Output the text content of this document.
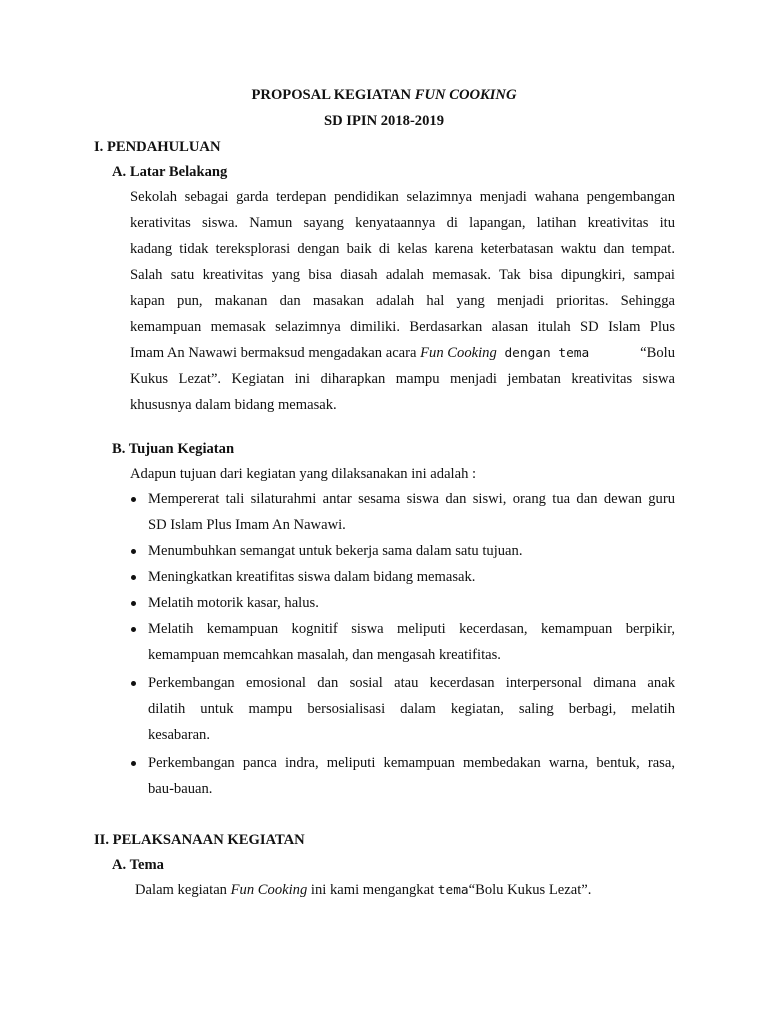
PROPOSAL KEGIATAN FUN COOKING
SD IPIN 2018-2019
I. PENDAHULUAN
A. Latar Belakang
Sekolah sebagai garda terdepan pendidikan selazimnya menjadi wahana pengembangan
kerativitas siswa. Namun sayang kenyataannya di lapangan, latihan kreativitas itu
kadang tidak tereksplorasi dengan baik di kelas karena keterbatasan waktu dan tempat.
Salah satu kreativitas yang bisa diasah adalah memasak. Tak bisa dipungkiri, sampai
kapan pun, makanan dan masakan adalah hal yang menjadi prioritas. Sehingga
kemampuan memasak selazimnya dimiliki. Berdasarkan alasan itulah SD Islam Plus
Imam An Nawawi bermaksud mengadakan acara Fun Cooking dengan tema	“Bolu
Kukus Lezat”. Kegiatan ini diharapkan mampu menjadi jembatan kreativitas siswa
khususnya dalam bidang memasak.
B. Tujuan Kegiatan
Adapun tujuan dari kegiatan yang dilaksanakan ini adalah :
Mempererat tali silaturahmi antar sesama siswa dan siswi, orang tua dan dewan guru
SD Islam Plus Imam An Nawawi.
Menumbuhkan semangat untuk bekerja sama dalam satu tujuan.
Meningkatkan kreatifitas siswa dalam bidang memasak.
Melatih motorik kasar, halus.
Melatih kemampuan kognitif siswa meliputi kecerdasan, kemampuan berpikir,
kemampuan memcahkan masalah, dan mengasah kreatifitas.
Perkembangan emosional dan sosial atau kecerdasan interpersonal dimana anak
dilatih untuk mampu bersosialisasi dalam kegiatan, saling berbagi, melatih
kesabaran.
Perkembangan panca indra, meliputi kemampuan membedakan warna, bentuk, rasa,
bau-bauan.
II. PELAKSANAAN KEGIATAN
A. Tema
Dalam kegiatan Fun Cooking ini kami mengangkat tema“Bolu Kukus Lezat”.
